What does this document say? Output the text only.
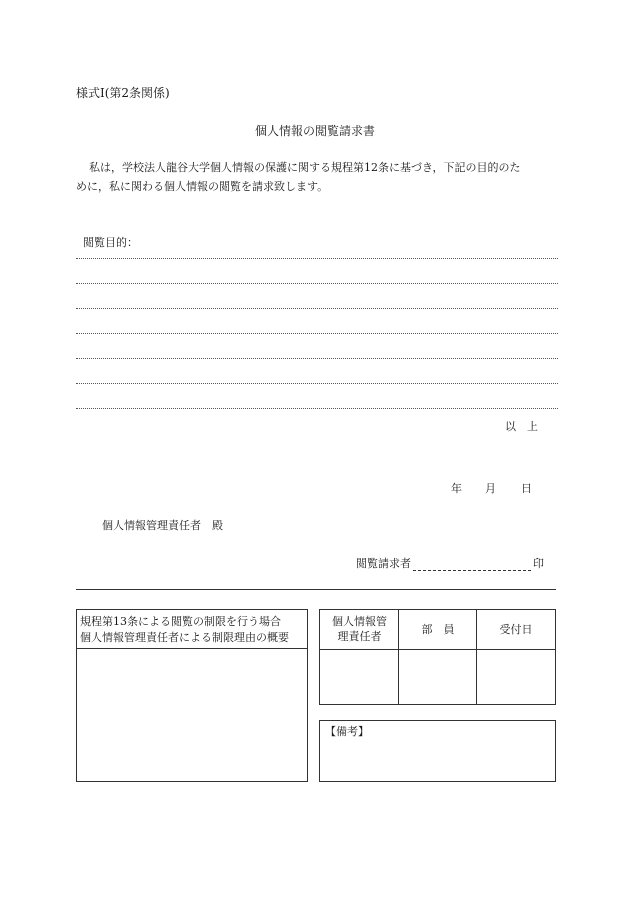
様式Ⅰ(第2条関係)
個人情報の閲覧請求書
私は，学校法人龍谷大学個人情報の保護に関する規程第12条に基づき，下記の目的のた
めに，私に関わる個人情報の閲覧を請求致します。
閲覧目的：
以　上
年 月 日
個人情報管理責任者　殿
閲覧請求者	印
規程第13条による閲覧の制限を行う場合
個人情報管理責任者による制限理由の概要
個人情報管
理責任者
部　員	受付日
【備考】
